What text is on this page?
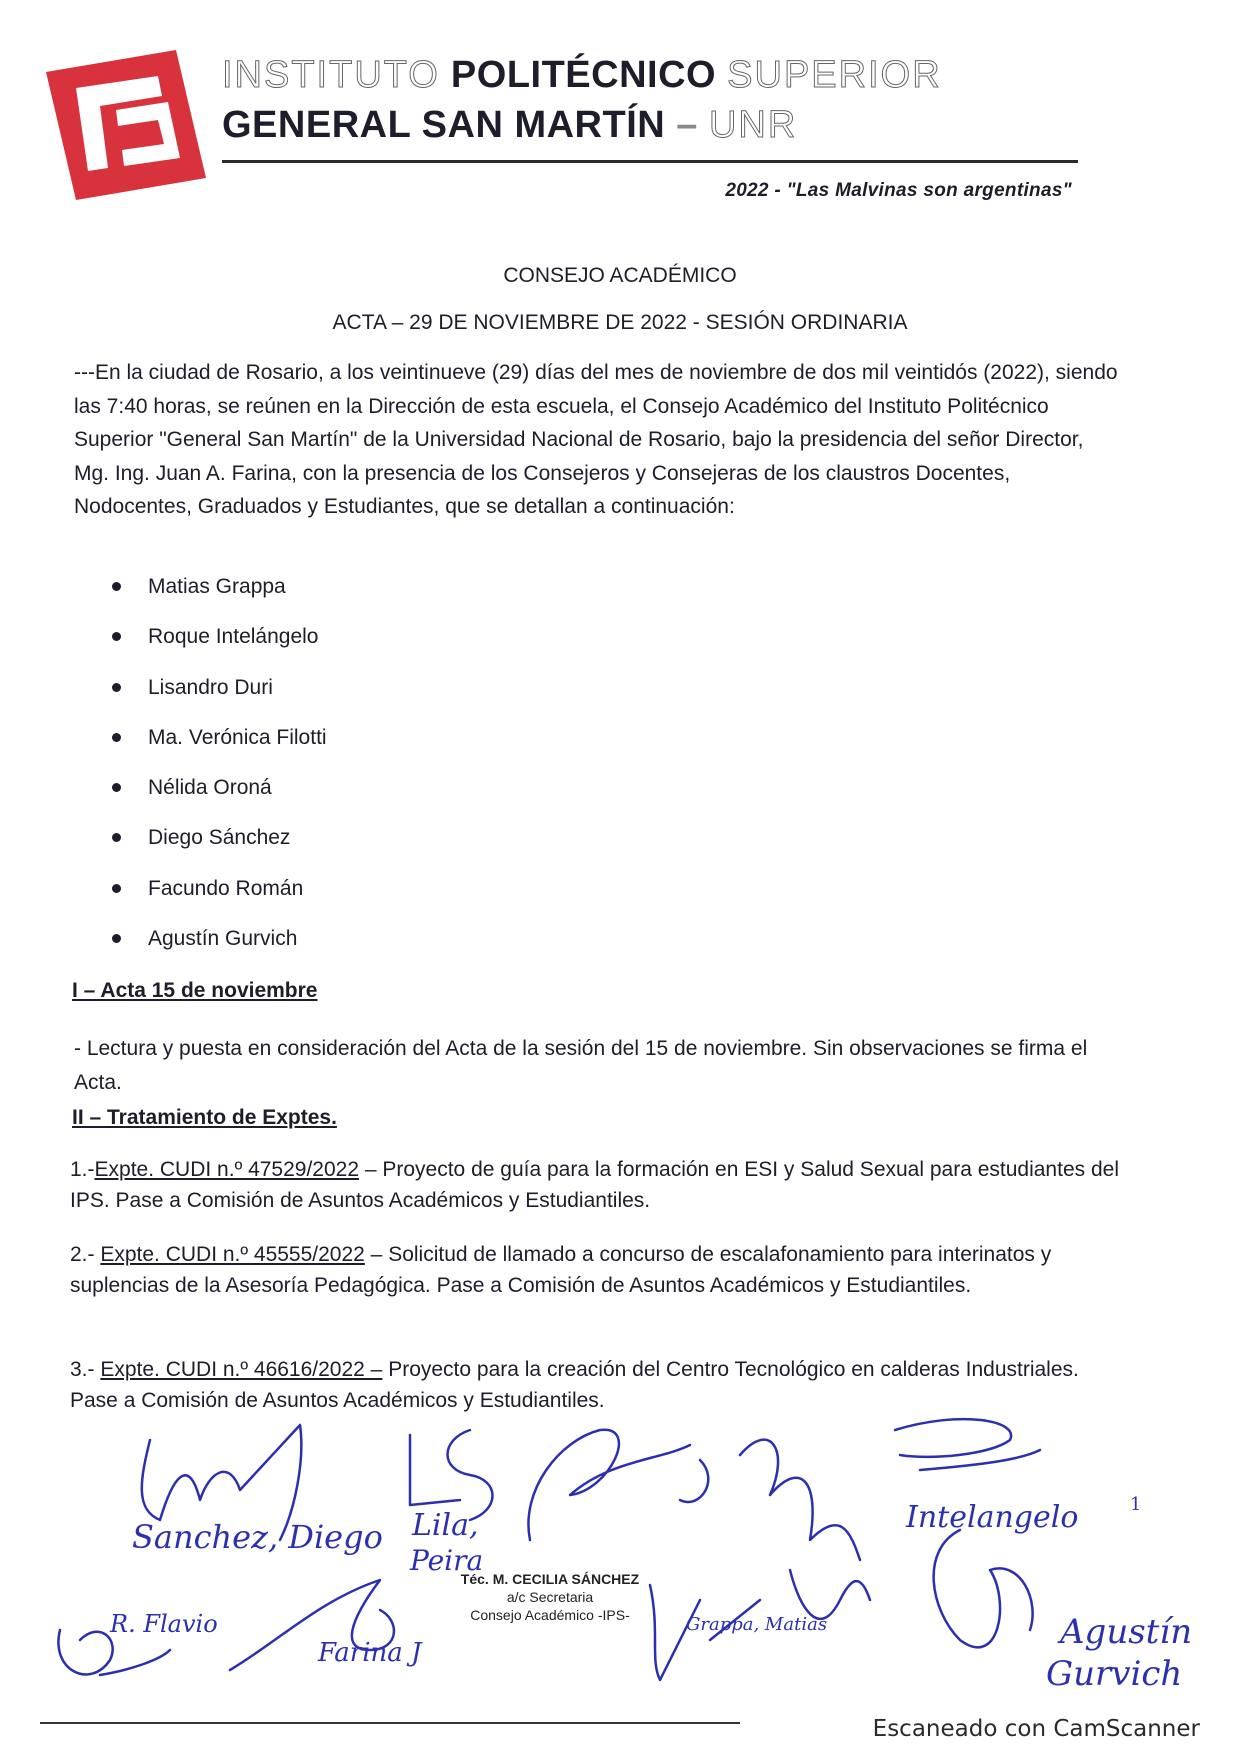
INSTITUTO POLITÉCNICO SUPERIOR
GENERAL SAN MARTÍN – UNR
2022 - "Las Malvinas son argentinas"
CONSEJO ACADÉMICO
ACTA – 29 DE NOVIEMBRE DE 2022 - SESIÓN ORDINARIA
---En la ciudad de Rosario, a los veintinueve (29) días del mes de noviembre de dos mil veintidós (2022), siendo las 7:40 horas, se reúnen en la Dirección de esta escuela, el Consejo Académico del Instituto Politécnico Superior "General San Martín" de la Universidad Nacional de Rosario, bajo la presidencia del señor Director, Mg. Ing. Juan A. Farina, con la presencia de los Consejeros y Consejeras de los claustros Docentes, Nodocentes, Graduados y Estudiantes, que se detallan a continuación:
Matias Grappa
Roque Intelángelo
Lisandro Duri
Ma. Verónica Filotti
Nélida Oroná
Diego Sánchez
Facundo Román
Agustín Gurvich
I – Acta 15 de noviembre
- Lectura y puesta en consideración del Acta de la sesión del 15 de noviembre. Sin observaciones se firma el Acta.
II – Tratamiento de Exptes.
1.-Expte. CUDI n.º 47529/2022 – Proyecto de guía para la formación en ESI y Salud Sexual para estudiantes del IPS. Pase a Comisión de Asuntos Académicos y Estudiantiles.
2.- Expte. CUDI n.º 45555/2022 – Solicitud de llamado a concurso de escalafonamiento para interinatos y suplencias de la Asesoría Pedagógica. Pase a Comisión de Asuntos Académicos y Estudiantiles.
3.- Expte. CUDI n.º 46616/2022 – Proyecto para la creación del Centro Tecnológico en calderas Industriales. Pase a Comisión de Asuntos Académicos y Estudiantiles.
Sanchez, Diego Lila,
Peira
R. Flavio
Farina J
Grappa, Matias
Intelangelo	1
Agustín
Gurvich
Téc. M. CECILIA SÁNCHEZ
a/c Secretaria
Consejo Académico -IPS-
Escaneado con CamScanner
